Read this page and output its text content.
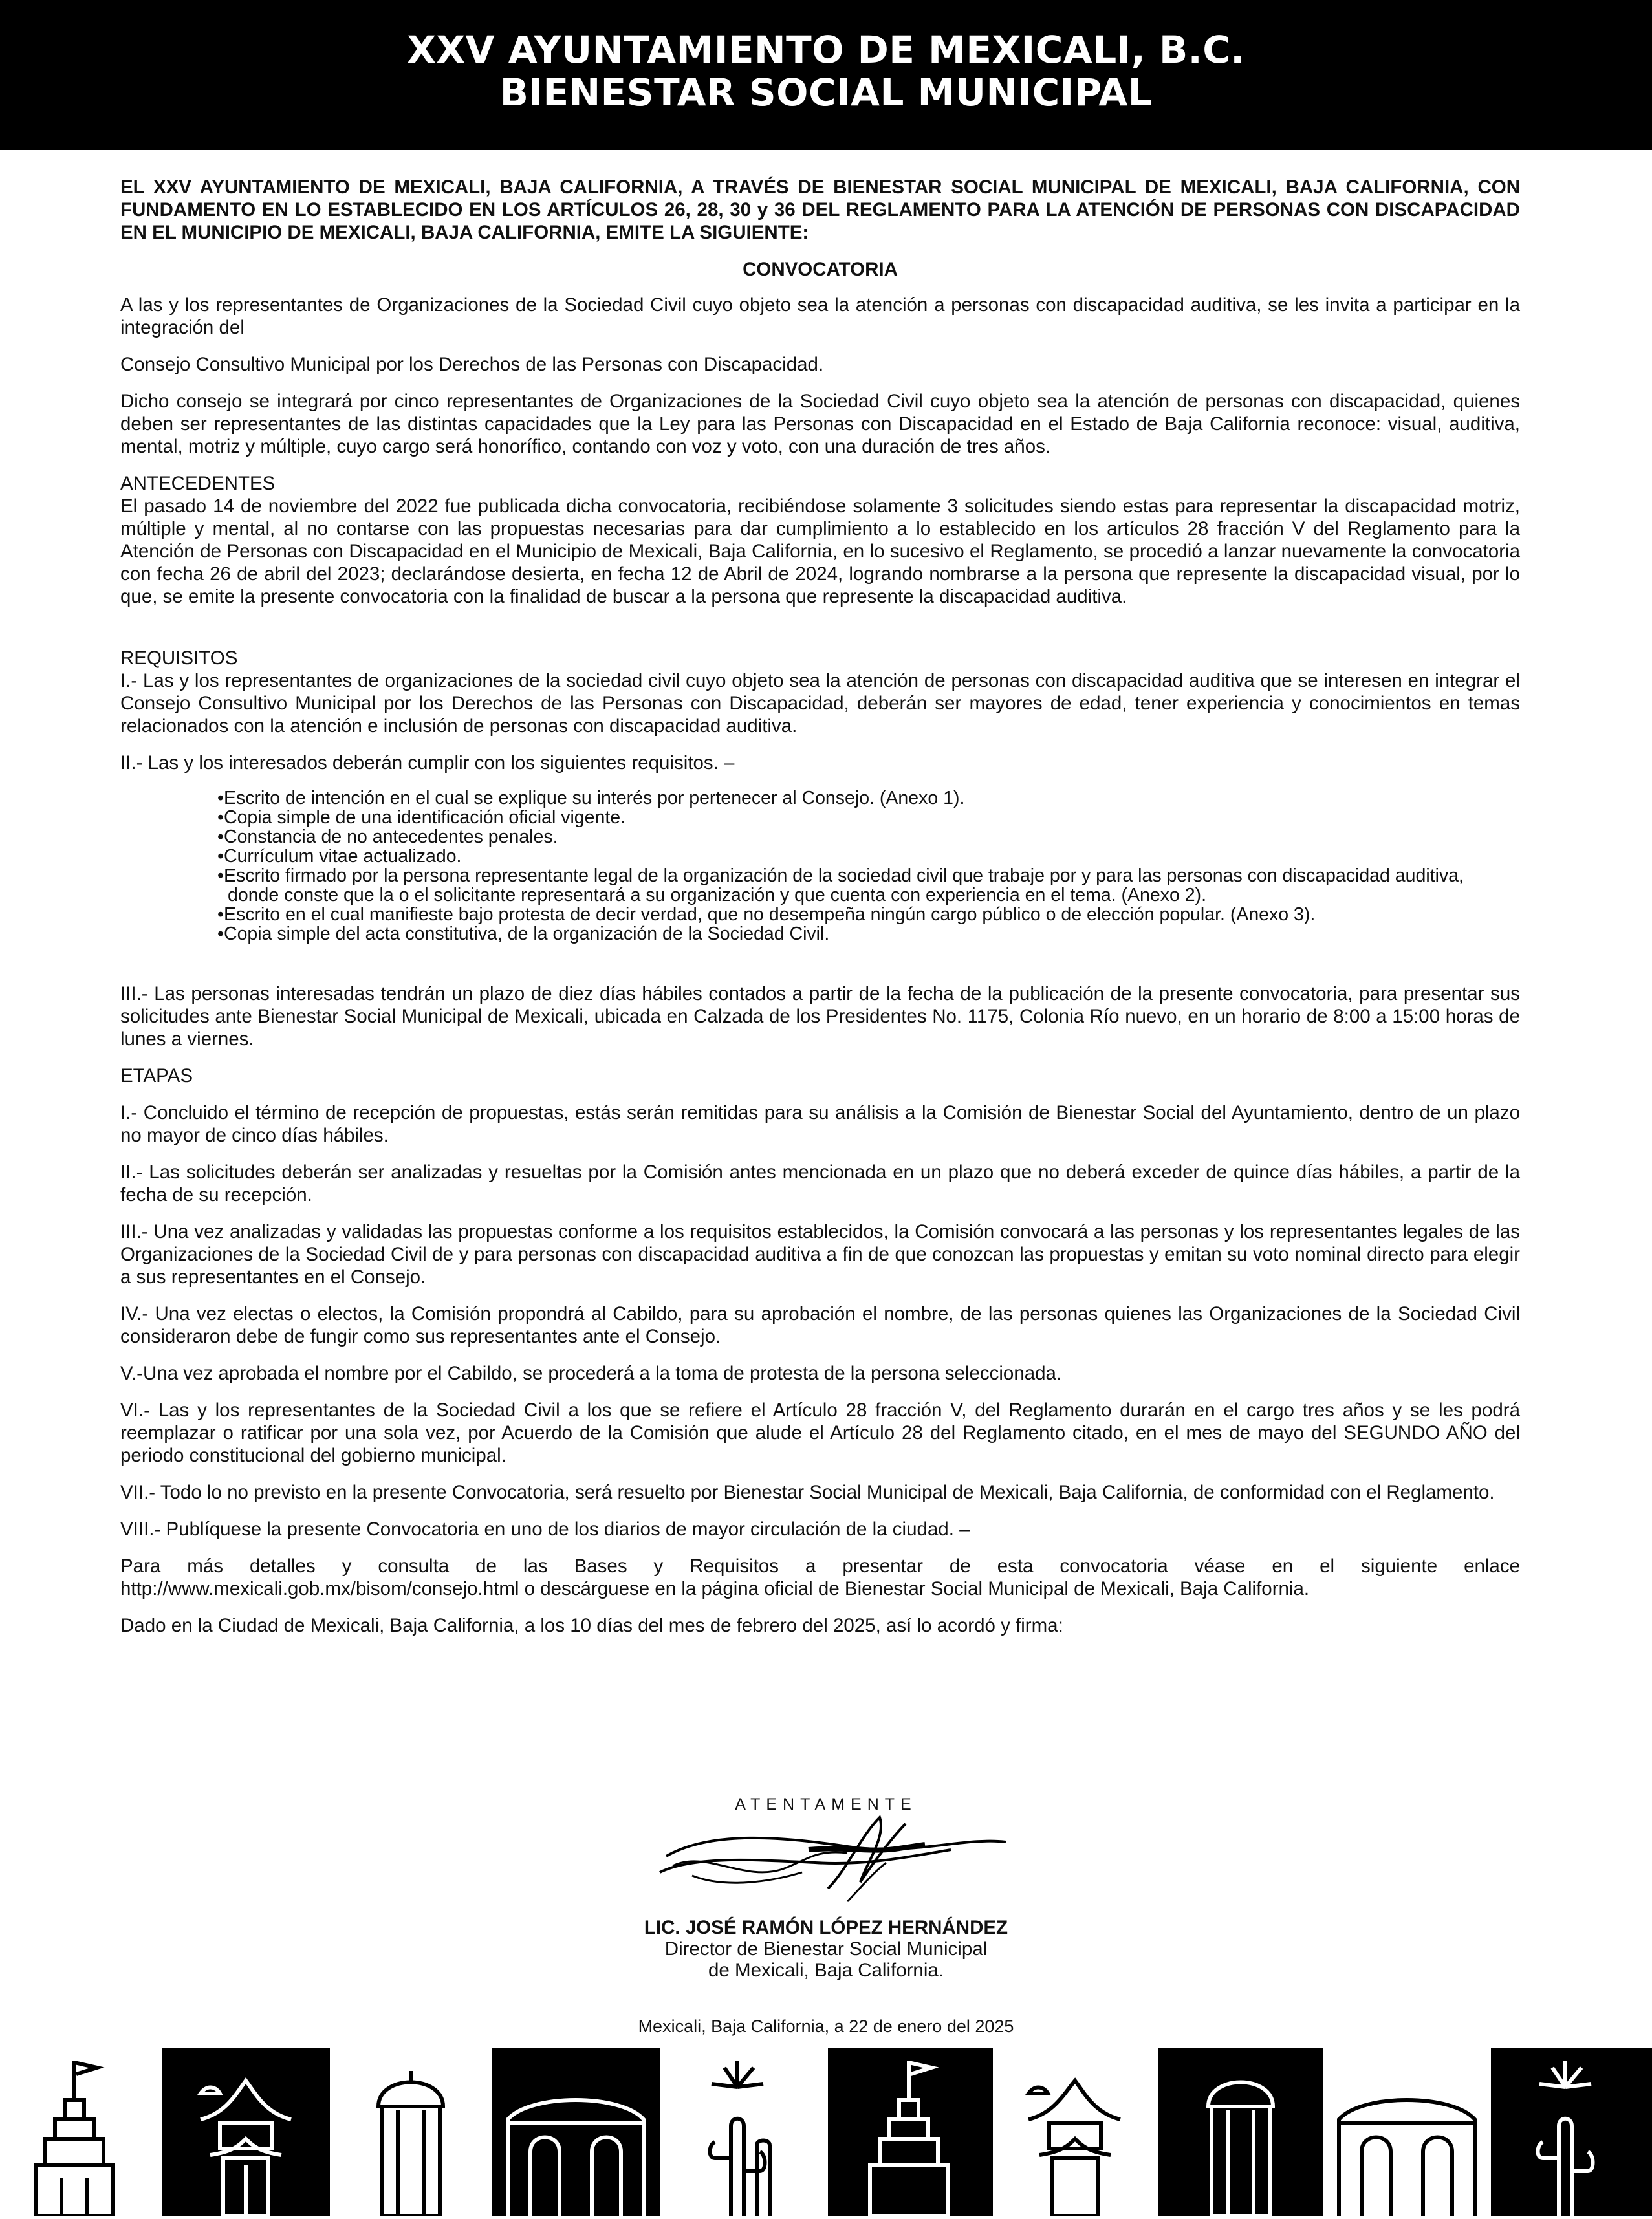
XXV AYUNTAMIENTO DE MEXICALI, B.C.
BIENESTAR SOCIAL MUNICIPAL
EL XXV AYUNTAMIENTO DE MEXICALI, BAJA CALIFORNIA, A TRAVÉS DE BIENESTAR SOCIAL MUNICIPAL DE MEXICALI, BAJA CALIFORNIA, CON FUNDAMENTO EN LO ESTABLECIDO EN LOS ARTÍCULOS 26, 28, 30 y 36 DEL REGLAMENTO PARA LA ATENCIÓN DE PERSONAS CON DISCAPACIDAD EN EL MUNICIPIO DE MEXICALI, BAJA CALIFORNIA, EMITE LA SIGUIENTE:
CONVOCATORIA

A las y los representantes de Organizaciones de la Sociedad Civil cuyo objeto sea la atención a personas con discapacidad auditiva, se les invita a participar en la integración del

Consejo Consultivo Municipal por los Derechos de las Personas con Discapacidad.

Dicho consejo se integrará por cinco representantes de Organizaciones de la Sociedad Civil cuyo objeto sea la atención de personas con discapacidad, quienes deben ser representantes de las distintas capacidades que la Ley para las Personas con Discapacidad en el Estado de Baja California reconoce: visual, auditiva, mental, motriz y múltiple, cuyo cargo será honorífico, contando con voz y voto, con una duración de tres años.

ANTECEDENTES

El pasado 14 de noviembre del 2022 fue publicada dicha convocatoria, recibiéndose solamente 3 solicitudes siendo estas para representar la discapacidad motriz, múltiple y mental, al no contarse con las propuestas necesarias para dar cumplimiento a lo establecido en los artículos 28 fracción V del Reglamento para la Atención de Personas con Discapacidad en el Municipio de Mexicali, Baja California, en lo sucesivo el Reglamento, se procedió a lanzar nuevamente la convocatoria con fecha 26 de abril del 2023; declarándose desierta, en fecha 12 de Abril de 2024, logrando nombrarse a la persona que represente la discapacidad visual, por lo que, se emite la presente convocatoria con la finalidad de buscar a la persona que represente la discapacidad auditiva.

REQUISITOS

I.- Las y los representantes de organizaciones de la sociedad civil cuyo objeto sea la atención de personas con discapacidad auditiva que se interesen en integrar el Consejo Consultivo Municipal por los Derechos de las Personas con Discapacidad, deberán ser mayores de edad, tener experiencia y conocimientos en temas relacionados con la atención e inclusión de personas con discapacidad auditiva.

II.- Las y los interesados deberán cumplir con los siguientes requisitos. –
• Escrito de intención en el cual se explique su interés por pertenecer al Consejo. (Anexo 1).
• Copia simple de una identificación oficial vigente.
• Constancia de no antecedentes penales.
• Currículum vitae actualizado.
• Escrito firmado por la persona representante legal de la organización de la sociedad civil que trabaje por y para las personas con discapacidad auditiva, donde conste que la o el solicitante representará a su organización y que cuenta con experiencia en el tema. (Anexo 2).
• Escrito en el cual manifieste bajo protesta de decir verdad, que no desempeña ningún cargo público o de elección popular. (Anexo 3).
• Copia simple del acta constitutiva, de la organización de la Sociedad Civil.

III.- Las personas interesadas tendrán un plazo de diez días hábiles contados a partir de la fecha de la publicación de la presente convocatoria, para presentar sus solicitudes ante Bienestar Social Municipal de Mexicali, ubicada en Calzada de los Presidentes No. 1175, Colonia Río nuevo, en un horario de 8:00 a 15:00 horas de lunes a viernes.

ETAPAS

I.- Concluido el término de recepción de propuestas, estás serán remitidas para su análisis a la Comisión de Bienestar Social del Ayuntamiento, dentro de un plazo no mayor de cinco días hábiles.

II.- Las solicitudes deberán ser analizadas y resueltas por la Comisión antes mencionada en un plazo que no deberá exceder de quince días hábiles, a partir de la fecha de su recepción.

III.- Una vez analizadas y validadas las propuestas conforme a los requisitos establecidos, la Comisión convocará a las personas y los representantes legales de las Organizaciones de la Sociedad Civil de y para personas con discapacidad auditiva a fin de que conozcan las propuestas y emitan su voto nominal directo para elegir a sus representantes en el Consejo.

IV.- Una vez electas o electos, la Comisión propondrá al Cabildo, para su aprobación el nombre, de las personas quienes las Organizaciones de la Sociedad Civil consideraron debe de fungir como sus representantes ante el Consejo.

V.-Una vez aprobada el nombre por el Cabildo, se procederá a la toma de protesta de la persona seleccionada.

VI.- Las y los representantes de la Sociedad Civil a los que se refiere el Artículo 28 fracción V, del Reglamento durarán en el cargo tres años y se les podrá reemplazar o ratificar por una sola vez, por Acuerdo de la Comisión que alude el Artículo 28 del Reglamento citado, en el mes de mayo del SEGUNDO AÑO del periodo constitucional del gobierno municipal.

VII.- Todo lo no previsto en la presente Convocatoria, será resuelto por Bienestar Social Municipal de Mexicali, Baja California, de conformidad con el Reglamento.

VIII.- Publíquese la presente Convocatoria en uno de los diarios de mayor circulación de la ciudad. –

Para más detalles y consulta de las Bases y Requisitos a presentar de esta convocatoria véase en el siguiente enlace http://www.mexicali.gob.mx/bisom/consejo.html o descárguese en la página oficial de Bienestar Social Municipal de Mexicali, Baja California.

Dado en la Ciudad de Mexicali, Baja California, a los 10 días del mes de febrero del 2025, así lo acordó y firma:

ATENTAMENTE
LIC. JOSÉ RAMÓN LÓPEZ HERNÁNDEZ
Director de Bienestar Social Municipal
de Mexicali, Baja California.
Mexicali, Baja California, a 22 de enero del 2025
